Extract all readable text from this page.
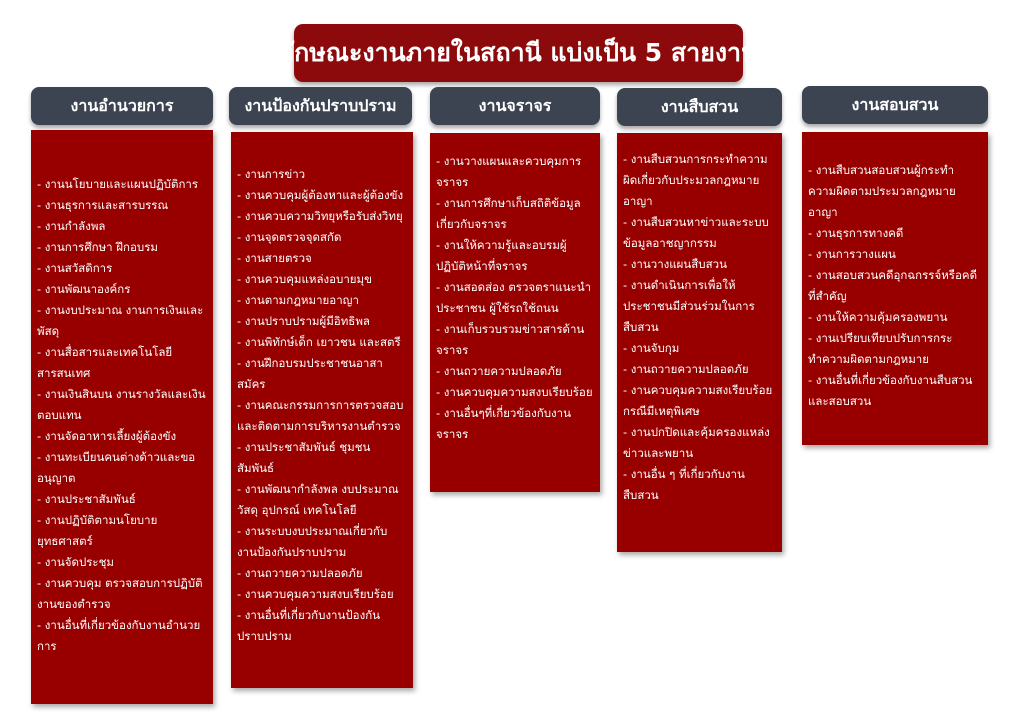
ลักษณะงานภายในสถานี แบ่งเป็น 5 สายงาน
งานอำนวยการ	งานป้องกันปราบปราม	งานจราจร	งานสืบสวน	งานสอบสวน
- งานนโยบายและแผนปฏิบัติการ
- งานธุรการและสารบรรณ
- งานกำลังพล
- งานการศึกษา ฝึกอบรม
- งานสวัสดิการ
- งานพัฒนาองค์กร
- งานงบประมาณ งานการเงินและพัสดุ
- งานสื่อสารและเทคโนโลยีสารสนเทศ
- งานเงินสินบน งานรางวัลและเงินตอบแทน
- งานจัดอาหารเลี้ยงผู้ต้องขัง
- งานทะเบียนคนต่างด้าวและขออนุญาต
- งานประชาสัมพันธ์
- งานปฏิบัติตามนโยบายยุทธศาสตร์
- งานจัดประชุม
- งานควบคุม ตรวจสอบการปฏิบัติงานของตำรวจ
- งานอื่นที่เกี่ยวข้องกับงานอำนวยการ
- งานการข่าว
- งานควบคุมผู้ต้องหาและผู้ต้องขัง
- งานควบความวิทยุหรือรับส่งวิทยุ
- งานจุดตรวจจุดสกัด
- งานสายตรวจ
- งานควบคุมแหล่งอบายมุข
- งานตามกฎหมายอาญา
- งานปราบปรามผู้มีอิทธิพล
- งานพิทักษ์เด็ก เยาวชน และสตรี
- งานฝึกอบรมประชาชนอาสาสมัคร
- งานคณะกรรมการการตรวจสอบและติดตามการบริหารงานตำรวจ
- งานประชาสัมพันธ์ ชุมชนสัมพันธ์
- งานพัฒนากำลังพล งบประมาณ วัสดุ อุปกรณ์ เทคโนโลยี
- งานระบบงบประมาณเกี่ยวกับงานป้องกันปราบปราม
- งานถวายความปลอดภัย
- งานควบคุมความสงบเรียบร้อย
- งานอื่นที่เกี่ยวกับงานป้องกันปราบปราม
- งานวางแผนและควบคุมการจราจร
- งานการศึกษาเก็บสถิติข้อมูลเกี่ยวกับจราจร
- งานให้ความรู้และอบรมผู้ปฏิบัติหน้าที่จราจร
- งานสอดส่อง ตรวจตราแนะนำประชาชน ผู้ใช้รถใช้ถนน
- งานเก็บรวบรวมข่าวสารด้านจราจร
- งานถวายความปลอดภัย
- งานควบคุมความสงบเรียบร้อย
- งานอื่นๆที่เกี่ยวข้องกับงานจราจร
- งานสืบสวนการกระทำความผิดเกี่ยวกับประมวลกฎหมายอาญา
- งานสืบสวนหาข่าวและระบบข้อมูลอาชญากรรม
- งานวางแผนสืบสวน
- งานดำเนินการเพื่อให้ประชาชนมีส่วนร่วมในการสืบสวน
- งานจับกุม
- งานถวายความปลอดภัย
- งานควบคุมความสงเรียบร้อยกรณีมีเหตุพิเศษ
- งานปกปิดและคุ้มครองแหล่งข่าวและพยาน
- งานอื่น ๆ ที่เกี่ยวกับงานสืบสวน
- งานสืบสวนสอบสวนผู้กระทำความผิดตามประมวลกฎหมายอาญา
- งานธุรการทางคดี
- งานการวางแผน
- งานสอบสวนคดีอุกฉกรรจ์หรือคดีที่สำคัญ
- งานให้ความคุ้มครองพยาน
- งานเปรียบเทียบปรับการกระทำความผิดตามกฎหมาย
- งานอื่นที่เกี่ยวข้องกับงานสืบสวนและสอบสวน
